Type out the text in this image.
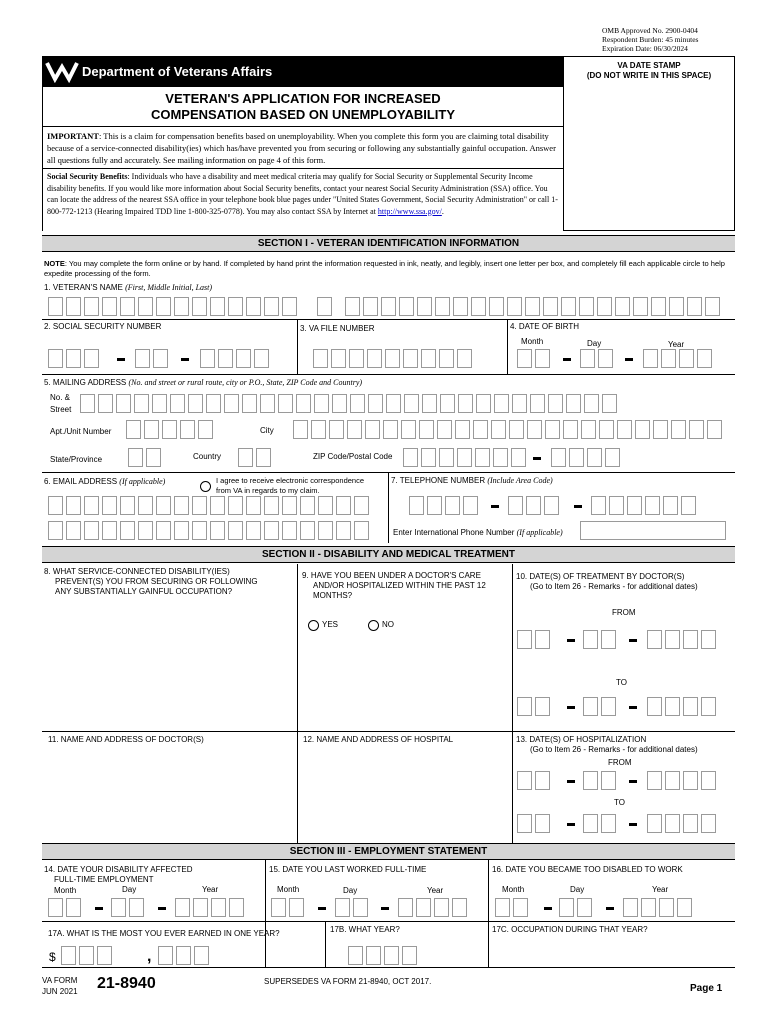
OMB Approved No. 2900-0404
Respondent Burden: 45 minutes
Expiration Date: 06/30/2024
Department of Veterans Affairs	VA DATE STAMP
(DO NOT WRITE IN THIS SPACE)
VETERAN'S APPLICATION FOR INCREASED
COMPENSATION BASED ON UNEMPLOYABILITY
IMPORTANT: This is a claim for compensation benefits based on unemployability. When you complete this form you are claiming total disability because of a service-connected disability(ies) which has/have prevented you from securing or following any substantially gainful occupation. Answer all questions fully and accurately. See mailing information on page 4 of this form.
Social Security Benefits: Individuals who have a disability and meet medical criteria may qualify for Social Security or Supplemental Security Income disability benefits. If you would like more information about Social Security benefits, contact your nearest Social Security Administration (SSA) office. You can locate the address of the nearest SSA office in your telephone book blue pages under "United States Government, Social Security Administration" or call 1-800-772-1213 (Hearing Impaired TDD line 1-800-325-0778). You may also contact SSA by Internet at http://www.ssa.gov/.
SECTION I - VETERAN IDENTIFICATION INFORMATION
NOTE: You may complete the form online or by hand. If completed by hand print the information requested in ink, neatly, and legibly, insert one letter per box, and completely fill each applicable circle to help expedite processing of the form.
1. VETERAN'S NAME (First, Middle Initial, Last)
2. SOCIAL SECURITY NUMBER	3. VA FILE NUMBER	4. DATE OF BIRTH
Month	Day	Year
5. MAILING ADDRESS (No. and street or rural route, city or P.O., State, ZIP Code and Country)
No. &
Street
Apt./Unit Number	City
State/Province	Country	ZIP Code/Postal Code
6. EMAIL ADDRESS (If applicable)	I agree to receive electronic correspondence
from VA in regards to my claim.
7. TELEPHONE NUMBER (Include Area Code)
Enter International Phone Number (If applicable)
SECTION II - DISABILITY AND MEDICAL TREATMENT
8. WHAT SERVICE-CONNECTED DISABILITY(IES)
PREVENT(S) YOU FROM SECURING OR FOLLOWING
ANY SUBSTANTIALLY GAINFUL OCCUPATION?
9. HAVE YOU BEEN UNDER A DOCTOR'S CARE
AND/OR HOSPITALIZED WITHIN THE PAST 12
MONTHS?
YES	NO
10. DATE(S) OF TREATMENT BY DOCTOR(S)
(Go to Item 26 - Remarks - for additional dates)
FROM
TO
11. NAME AND ADDRESS OF DOCTOR(S)	12. NAME AND ADDRESS OF HOSPITAL	13. DATE(S) OF HOSPITALIZATION
(Go to Item 26 - Remarks - for additional dates)
FROM
TO
SECTION III - EMPLOYMENT STATEMENT
14. DATE YOUR DISABILITY AFFECTED
FULL-TIME EMPLOYMENT
Month	Day	Year
15. DATE YOU LAST WORKED FULL-TIME
Month	Day	Year
16. DATE YOU BECAME TOO DISABLED TO WORK
Month	Day	Year
17A. WHAT IS THE MOST YOU EVER EARNED IN ONE YEAR?	17B. WHAT YEAR?	17C. OCCUPATION DURING THAT YEAR?
$	,
VA FORM
JUN 2021 21-8940	SUPERSEDES VA FORM 21-8940, OCT 2017.
Page 1
